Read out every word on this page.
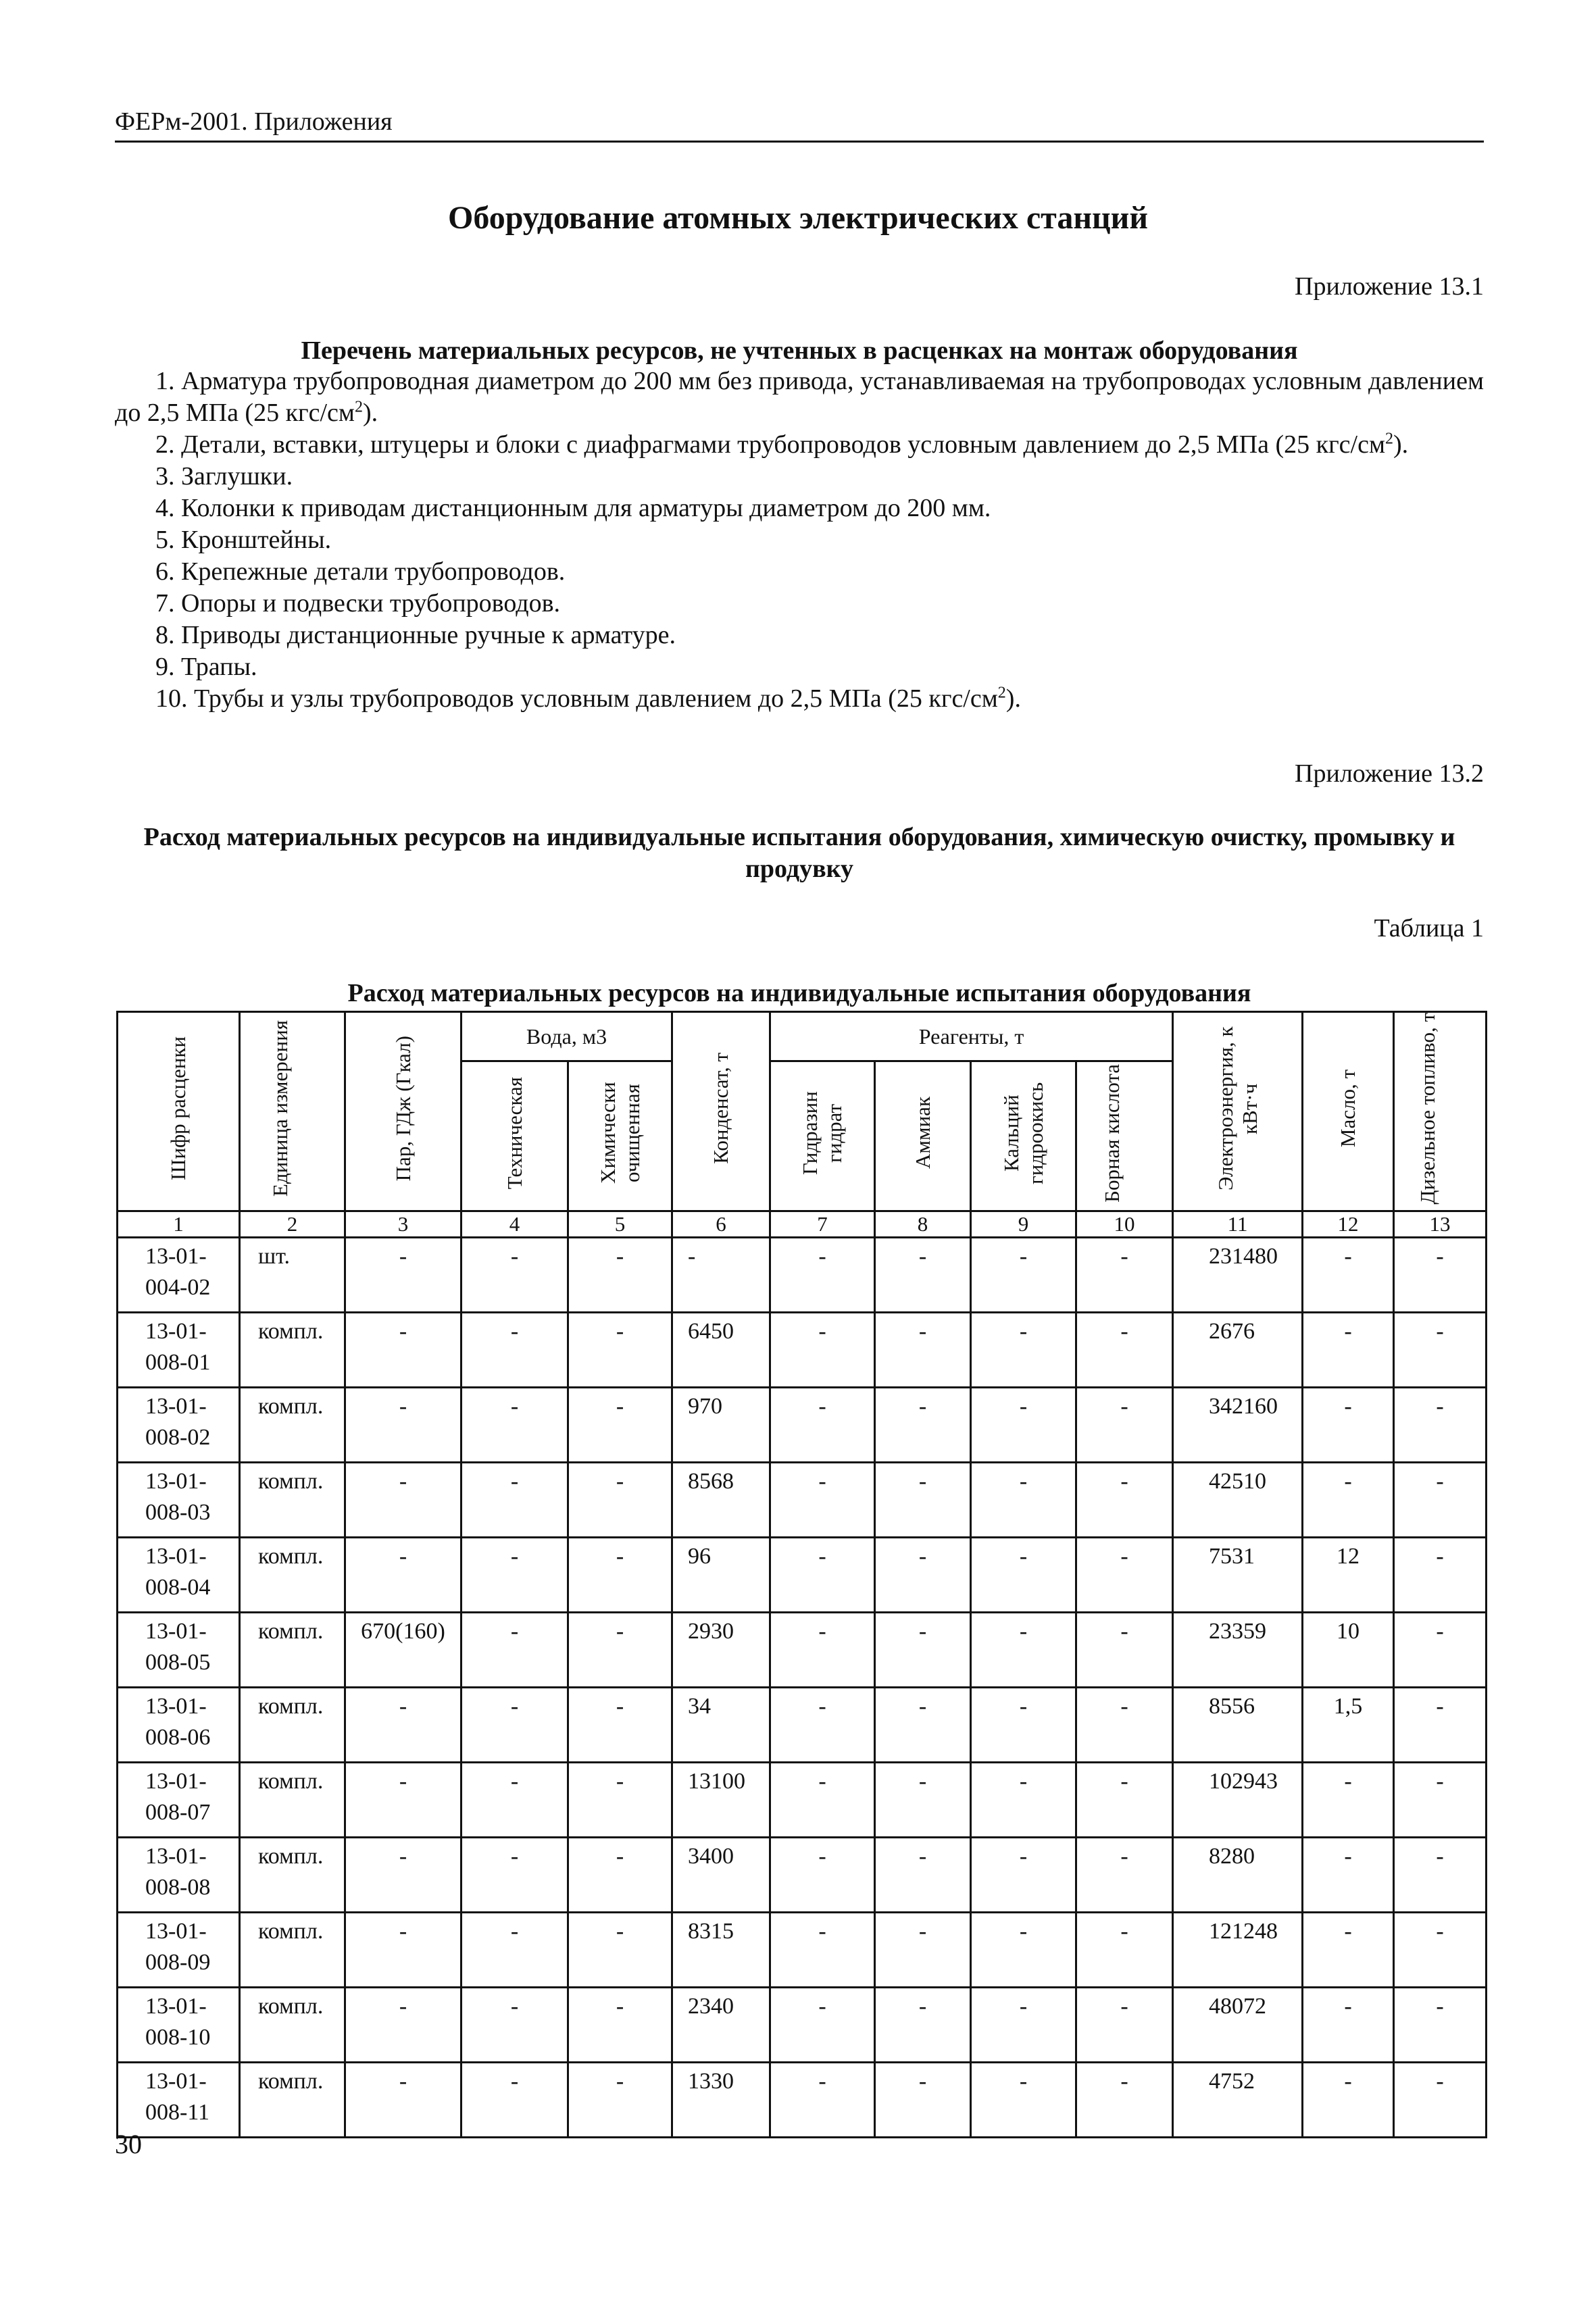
ФЕРм-2001. Приложения
Оборудование атомных электрических станций
Приложение 13.1
Перечень материальных ресурсов, не учтенных в расценках на монтаж оборудования
1. Арматура трубопроводная диаметром до 200 мм без привода, устанавливаемая на трубопроводах условным давлением до 2,5 МПа (25 кгс/$см^2$).
2. Детали, вставки, штуцеры и блоки с диафрагмами трубопроводов условным давлением до 2,5 МПа (25 кгс/$см^2$).
3. Заглушки.
4. Колонки к приводам дистанционным для арматуры диаметром до 200 мм.
5. Кронштейны.
6. Крепежные детали трубопроводов.
7. Опоры и подвески трубопроводов.
8. Приводы дистанционные ручные к арматуре.
9. Трапы.
10. Трубы и узлы трубопроводов условным давлением до 2,5 МПа (25 кгс/$см^2$).
Приложение 13.2
Расход материальных ресурсов на индивидуальные испытания оборудования, химическую очистку, промывку и продувку
Таблица 1
Расход материальных ресурсов на индивидуальные испытания оборудования
Шифр расценки	Единица измерения	Пар, ГДж (Гкал)	Вода, м3		Конденсат, т	Реагенты, т				Электроэнергия, к кВт·ч	Масло, т	Дизельное топливо, т
			Техническая	Химически очищенная		Гидразин гидрат	Аммиак	Кальций гидроокись	Борная кислота			
1	2	3	4	5	6	7	8	9	10	11	12	13
13-01-
004-02	шт.	-	-	-	-	-	-	-	-	231480	-	-
13-01-
008-01	компл.	-	-	-	6450	-	-	-	-	2676	-	-
13-01-
008-02	компл.	-	-	-	970	-	-	-	-	342160	-	-
13-01-
008-03	компл.	-	-	-	8568	-	-	-	-	42510	-	-
13-01-
008-04	компл.	-	-	-	96	-	-	-	-	7531	12	-
13-01-
008-05	компл.	670(160)	-	-	2930	-	-	-	-	23359	10	-
13-01-
008-06	компл.	-	-	-	34	-	-	-	-	8556	1,5	-
13-01-
008-07	компл.	-	-	-	13100	-	-	-	-	102943	-	-
13-01-
008-08	компл.	-	-	-	3400	-	-	-	-	8280	-	-
13-01-
008-09	компл.	-	-	-	8315	-	-	-	-	121248	-	-
13-01-
008-10	компл.	-	-	-	2340	-	-	-	-	48072	-	-
13-01-
008-11	компл.	-	-	-	1330	-	-	-	-	4752	-	-
30
